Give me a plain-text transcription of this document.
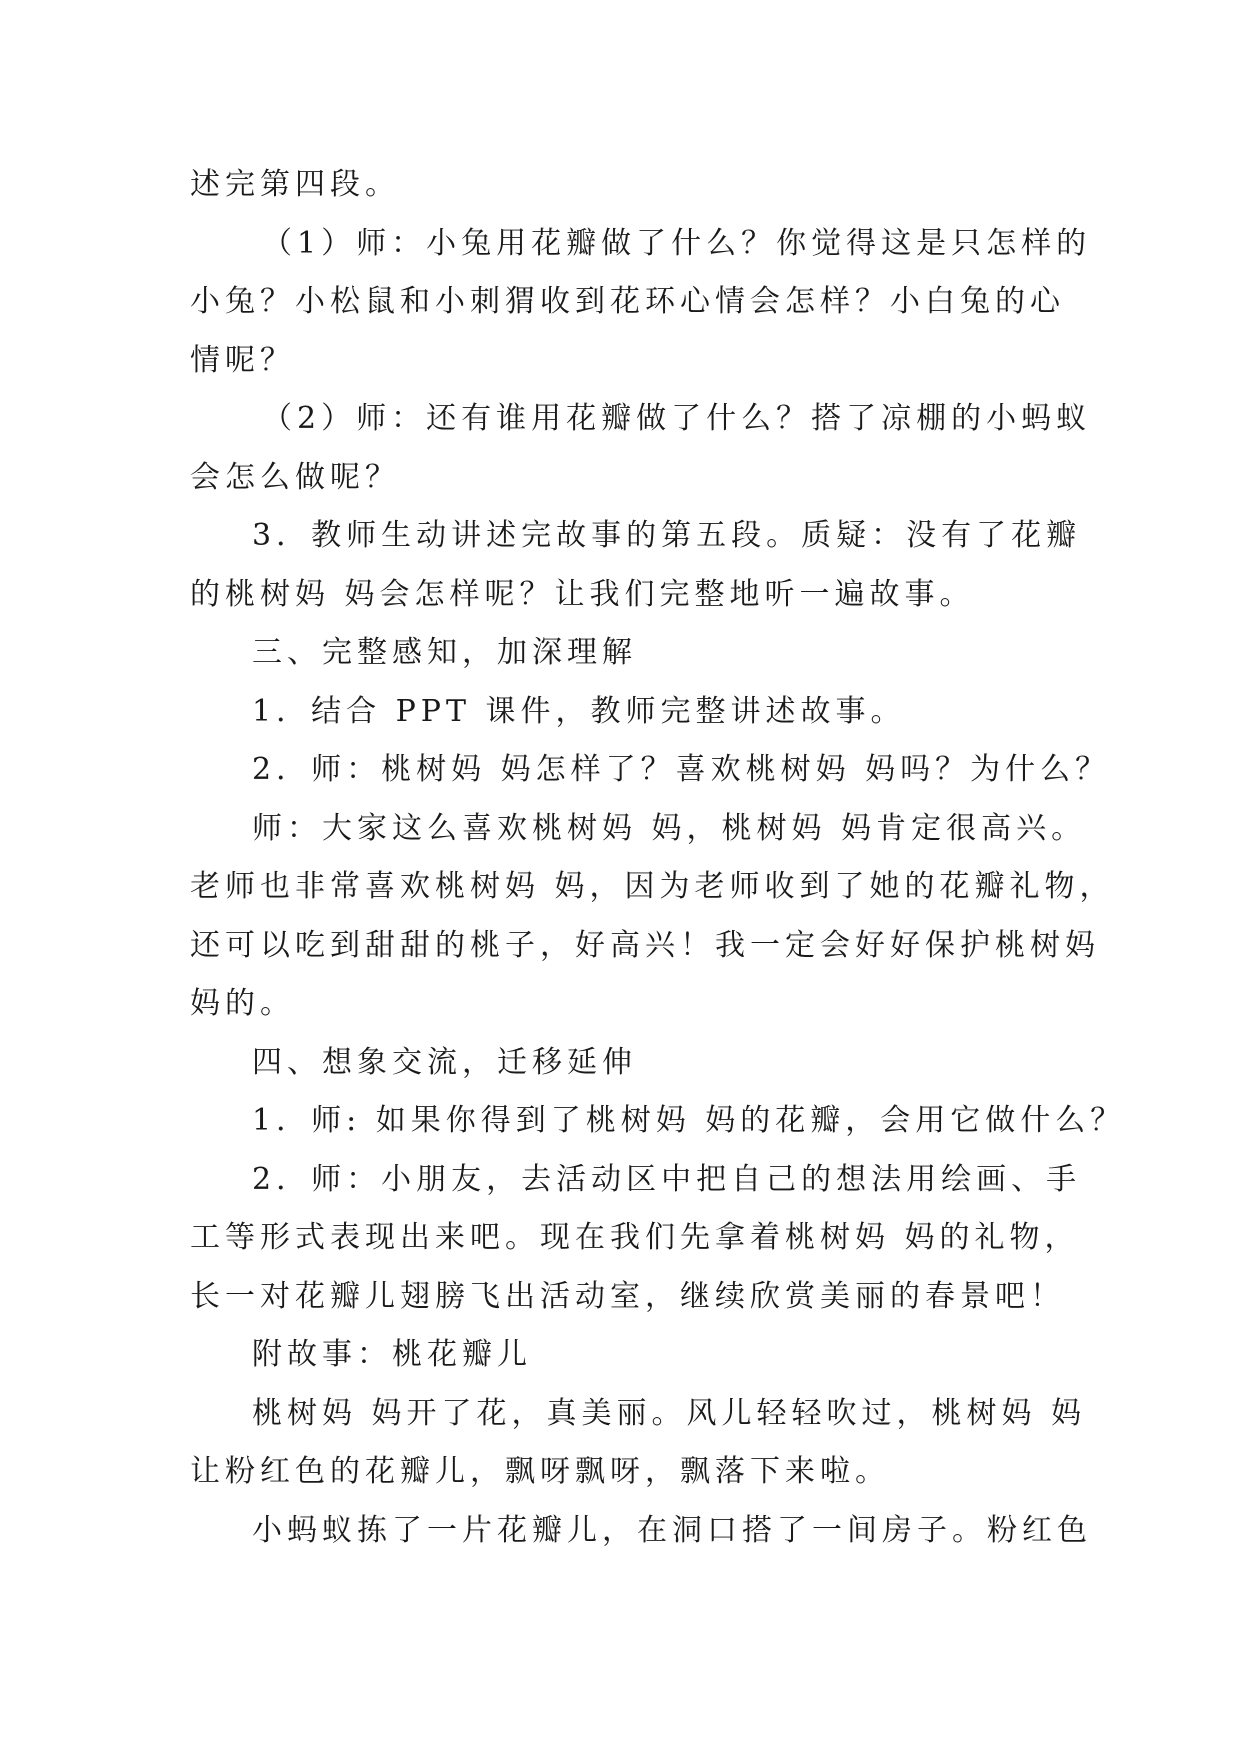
述完第四段。

（1）师：小兔用花瓣做了什么？你觉得这是只怎样的

小兔？小松鼠和小刺猬收到花环心情会怎样？小白兔的心

情呢？

（2）师：还有谁用花瓣做了什么？搭了凉棚的小蚂蚁

会怎么做呢？

3．教师生动讲述完故事的第五段。质疑：没有了花瓣

的桃树妈 妈会怎样呢？让我们完整地听一遍故事。

三、完整感知，加深理解

1．结合 PPT 课件，教师完整讲述故事。

2．师：桃树妈 妈怎样了？喜欢桃树妈 妈吗？为什么？

师：大家这么喜欢桃树妈 妈，桃树妈 妈肯定很高兴。

老师也非常喜欢桃树妈 妈，因为老师收到了她的花瓣礼物，

还可以吃到甜甜的桃子，好高兴！我一定会好好保护桃树妈

妈的。

四、想象交流，迁移延伸

1．师: 如果你得到了桃树妈 妈的花瓣，会用它做什么？

2．师：小朋友，去活动区中把自己的想法用绘画、手

工等形式表现出来吧。现在我们先拿着桃树妈 妈的礼物，

长一对花瓣儿翅膀飞出活动室，继续欣赏美丽的春景吧！

附故事：桃花瓣儿

桃树妈 妈开了花，真美丽。风儿轻轻吹过，桃树妈 妈

让粉红色的花瓣儿，飘呀飘呀，飘落下来啦。

小蚂蚁拣了一片花瓣儿，在洞口搭了一间房子。粉红色
